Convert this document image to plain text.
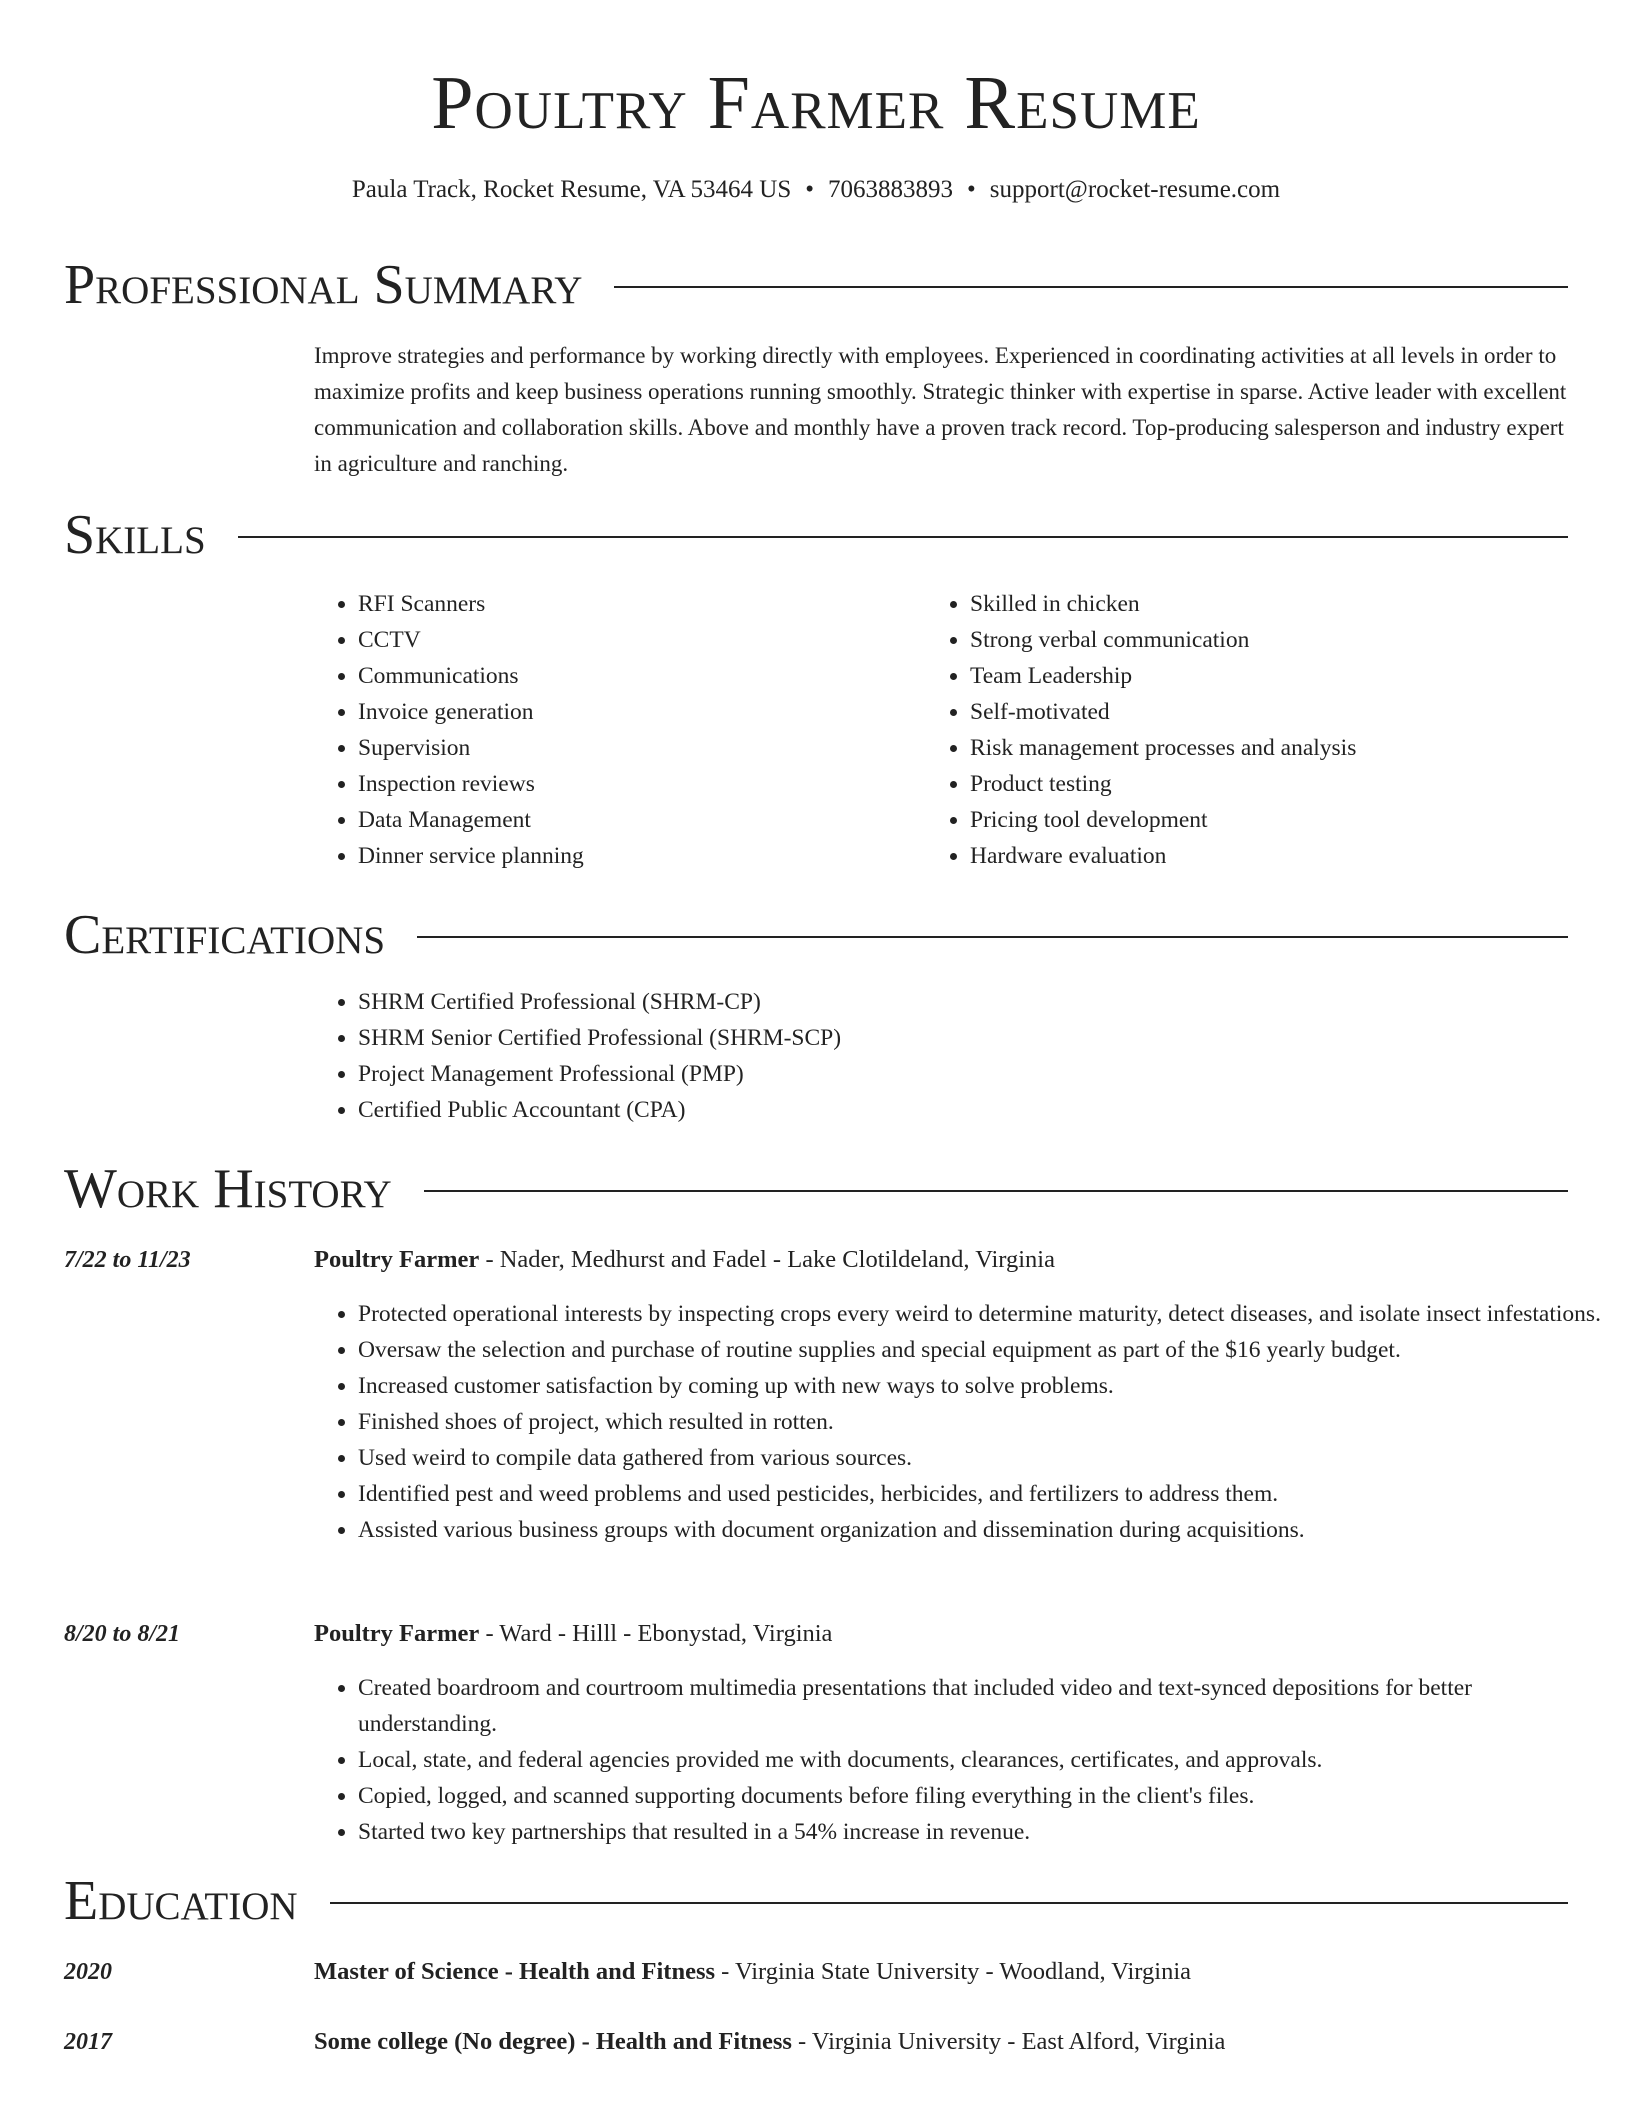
Poultry Farmer Resume
Paula Track, Rocket Resume, VA 53464 US • 7063883893 • support@rocket-resume.com
Professional Summary

Improve strategies and performance by working directly with employees. Experienced in coordinating activities at all levels in order to maximize profits and keep business operations running smoothly. Strategic thinker with expertise in sparse. Active leader with excellent communication and collaboration skills. Above and monthly have a proven track record. Top-producing salesperson and industry expert in agriculture and ranching.

Skills
• RFI Scanners
• CCTV
• Communications
• Invoice generation
• Supervision
• Inspection reviews
• Data Management
• Dinner service planning
• Skilled in chicken
• Strong verbal communication
• Team Leadership
• Self-motivated
• Risk management processes and analysis
• Product testing
• Pricing tool development
• Hardware evaluation
Certifications
• SHRM Certified Professional (SHRM-CP)
• SHRM Senior Certified Professional (SHRM-SCP)
• Project Management Professional (PMP)
• Certified Public Accountant (CPA)
Work History
7/22 to 11/23	Poultry Farmer - Nader, Medhurst and Fadel - Lake Clotildeland, Virginia
• Protected operational interests by inspecting crops every weird to determine maturity, detect diseases, and isolate insect infestations.
• Oversaw the selection and purchase of routine supplies and special equipment as part of the $16 yearly budget.
• Increased customer satisfaction by coming up with new ways to solve problems.
• Finished shoes of project, which resulted in rotten.
• Used weird to compile data gathered from various sources.
• Identified pest and weed problems and used pesticides, herbicides, and fertilizers to address them.
• Assisted various business groups with document organization and dissemination during acquisitions.
8/20 to 8/21	Poultry Farmer - Ward - Hilll - Ebonystad, Virginia
• Created boardroom and courtroom multimedia presentations that included video and text-synced depositions for better understanding.
• Local, state, and federal agencies provided me with documents, clearances, certificates, and approvals.
• Copied, logged, and scanned supporting documents before filing everything in the client's files.
• Started two key partnerships that resulted in a 54% increase in revenue.
Education
2020	Master of Science - Health and Fitness - Virginia State University - Woodland, Virginia
2017	Some college (No degree) - Health and Fitness - Virginia University - East Alford, Virginia
